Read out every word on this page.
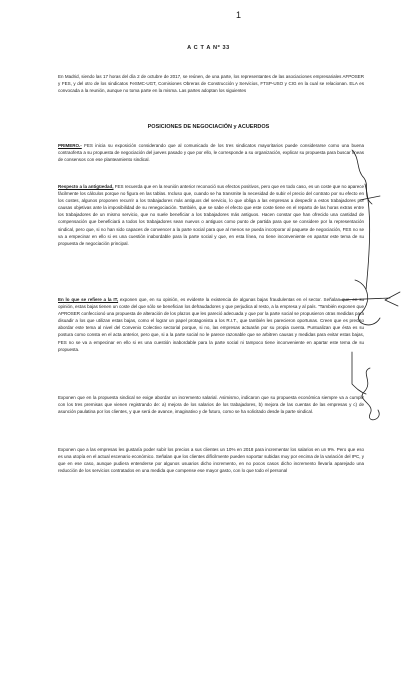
1
A C T A Nº 33

En Madrid, siendo las 17 horas del día 2 de octubre de 2017, se reúnen, de una parte, los representantes de las asociaciones empresariales AFPOSER y FES, y del otro de los sindicatos FeSMC-UGT, Comisiones Obreras de Construcción y Servicios, FTSP-USO y CIG en la cual se relacionan. ELA es convocada a la reunión, aunque no toma parte en la misma. Las partes adoptan los siguientes

POSICIONES DE NEGOCIACIÓN y ACUERDOS

PRIMERO.- FES inicia su exposición considerando que al comunicado de los tres sindicatos mayoritarios puede considerarse como una buena contraoferta a su propuesta de negociación del jueves pasado y que por ello, le corresponde a su organización, explicar su propuesta para buscar líneas de consensos con ese planteamiento sindical.

Respecto a la antigüedad, FES recuerda que en la reunión anterior reconoció sus efectos positivos, pero que en todo caso, es un coste que no aparece fácilmente los cálculos porque no figura en las tablas. Incluso que, cuando se ha transmite la necesidad de subir el precio del contrato por su efecto en los costes, algunos proponen recurrir a los trabajadores más antiguos del servicio, lo que obliga a las empresas a despedir a estos trabajadores por causas objetivas ante la imposibilidad de su renegociación. También, que se sabe el efecto que este coste tiene en el reparto de las horas extras entre los trabajadores de un mismo servicio, que no suele beneficiar a los trabajadores más antiguos. Hacen constar que han ofrecido una cantidad de compensación que beneficiará a todos los trabajadores sean nuevos o antiguos como punto de partida para que se considere por la representación sindical, pero que, si no han sido capaces de convencer a la parte social para que al menos se pueda incorporar al paquete de negociación, FES no se va a empecinar en ello si es una cuestión inabordable para la parte social y que, en esta línea, no tiene inconveniente en apartar este tema de su propuesta de negociación principal.

En lo que se refiere a la IT, exponen que, en su opinión, es evidente la existencia de algunas bajas fraudulentas en el sector. Señalan que, en su opinión, estas bajas tienen un coste del que sólo se benefician los defraudadores y que perjudica al resto, a la empresa y al país. "También exponen que APROSER confeccionó una propuesta de alteración de los plazos que les pareció adecuada y que por la parte social se propusieron otras medidas para disuadir a los que utilizan estas bajas, como el lograr un papel protagonista a los R.I.T., que también les parecieron oportunas. Creen que es preciso abordar este tema al nivel del Convenio Colectivo sectorial porque, si no, las empresas actuarán por su propia cuenta. Puntualizan que ésta es su postura como consta en el acta anterior, pero que, si a la parte social no le parece razonable que se arbitren causas y medidas para evitar estas bajas, FES no se va a empecinar en ello si es una cuestión inabordable para la parte social ni tampoco tiene inconveniente en apartar este tema de su propuesta.

Exponen que en la propuesta sindical se exige abordar un incremento salarial. Asimismo, indicaron que su propuesta económica siempre va a cumplir con los tres premisas que vienen registrando de: a) mejora de los salarios de los trabajadores, b) mejora de las cuentas de las empresas y c) de asunción paulatina por los clientes, y que será de avance, imaginativo y de futuro, como se ha solicitado desde la parte sindical.

Exponen que a las empresas les gustaría poder subir los precios a sus clientes un 10% en 2018 para incrementar los salarios en un 9%. Pero que eso es una utopía en el actual escenario económico. Señalan que los clientes difícilmente pueden soportar subidas muy por encima de la variación del IPC, y que en ese caso, aunque pudiera entenderse por algunos usuarios dicho incremento, en no pocos casos dicho incremento llevaría aparejado una reducción de los servicios contratados en una medida que compense ese mayor gasto, con lo que todo el personal
